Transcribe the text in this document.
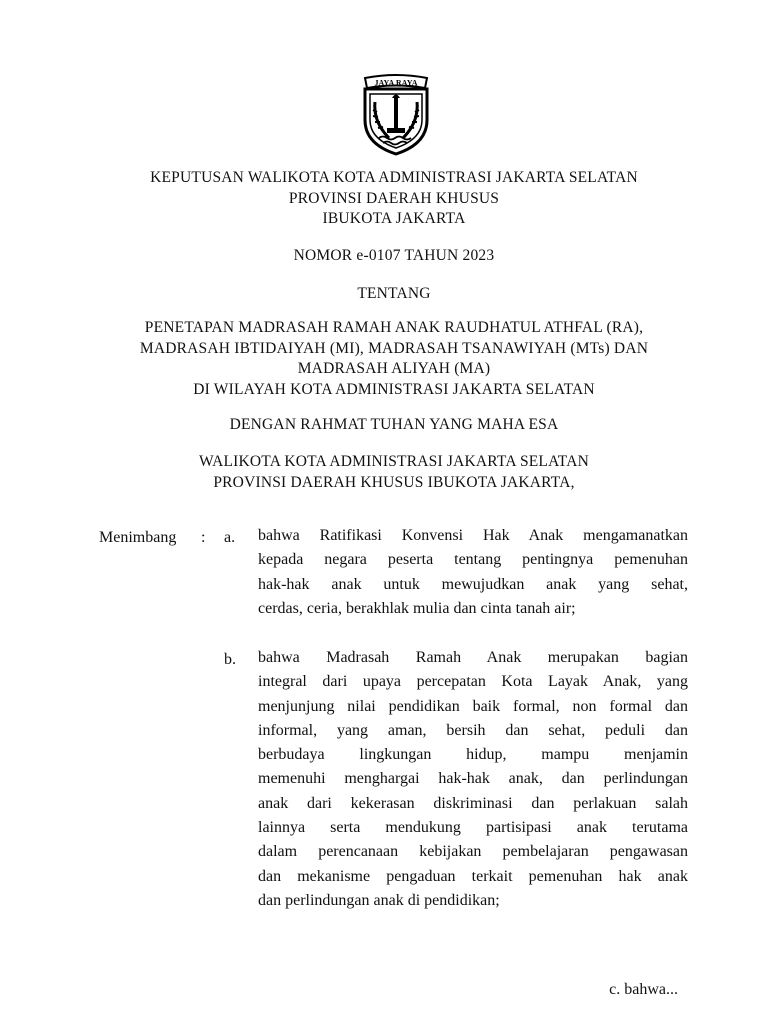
JAYA RAYA
KEPUTUSAN WALIKOTA KOTA ADMINISTRASI JAKARTA SELATAN
PROVINSI DAERAH KHUSUS
IBUKOTA JAKARTA
NOMOR e-0107 TAHUN 2023
TENTANG
PENETAPAN MADRASAH RAMAH ANAK RAUDHATUL ATHFAL (RA),
MADRASAH IBTIDAIYAH (MI), MADRASAH TSANAWIYAH (MTs) DAN
MADRASAH ALIYAH (MA)
DI WILAYAH KOTA ADMINISTRASI JAKARTA SELATAN
DENGAN RAHMAT TUHAN YANG MAHA ESA
WALIKOTA KOTA ADMINISTRASI JAKARTA SELATAN
PROVINSI DAERAH KHUSUS IBUKOTA JAKARTA,
Menimbang : a. bahwa Ratifikasi Konvensi Hak Anak mengamanatkan
kepada negara peserta tentang pentingnya pemenuhan
hak-hak anak untuk mewujudkan anak yang sehat,
cerdas, ceria, berakhlak mulia dan cinta tanah air;
b. bahwa Madrasah Ramah Anak merupakan bagian
integral dari upaya percepatan Kota Layak Anak, yang
menjunjung nilai pendidikan baik formal, non formal dan
informal, yang aman, bersih dan sehat, peduli dan
berbudaya lingkungan hidup, mampu menjamin
memenuhi menghargai hak-hak anak, dan perlindungan
anak dari kekerasan diskriminasi dan perlakuan salah
lainnya serta mendukung partisipasi anak terutama
dalam perencanaan kebijakan pembelajaran pengawasan
dan mekanisme pengaduan terkait pemenuhan hak anak
dan perlindungan anak di pendidikan;
c. bahwa...
